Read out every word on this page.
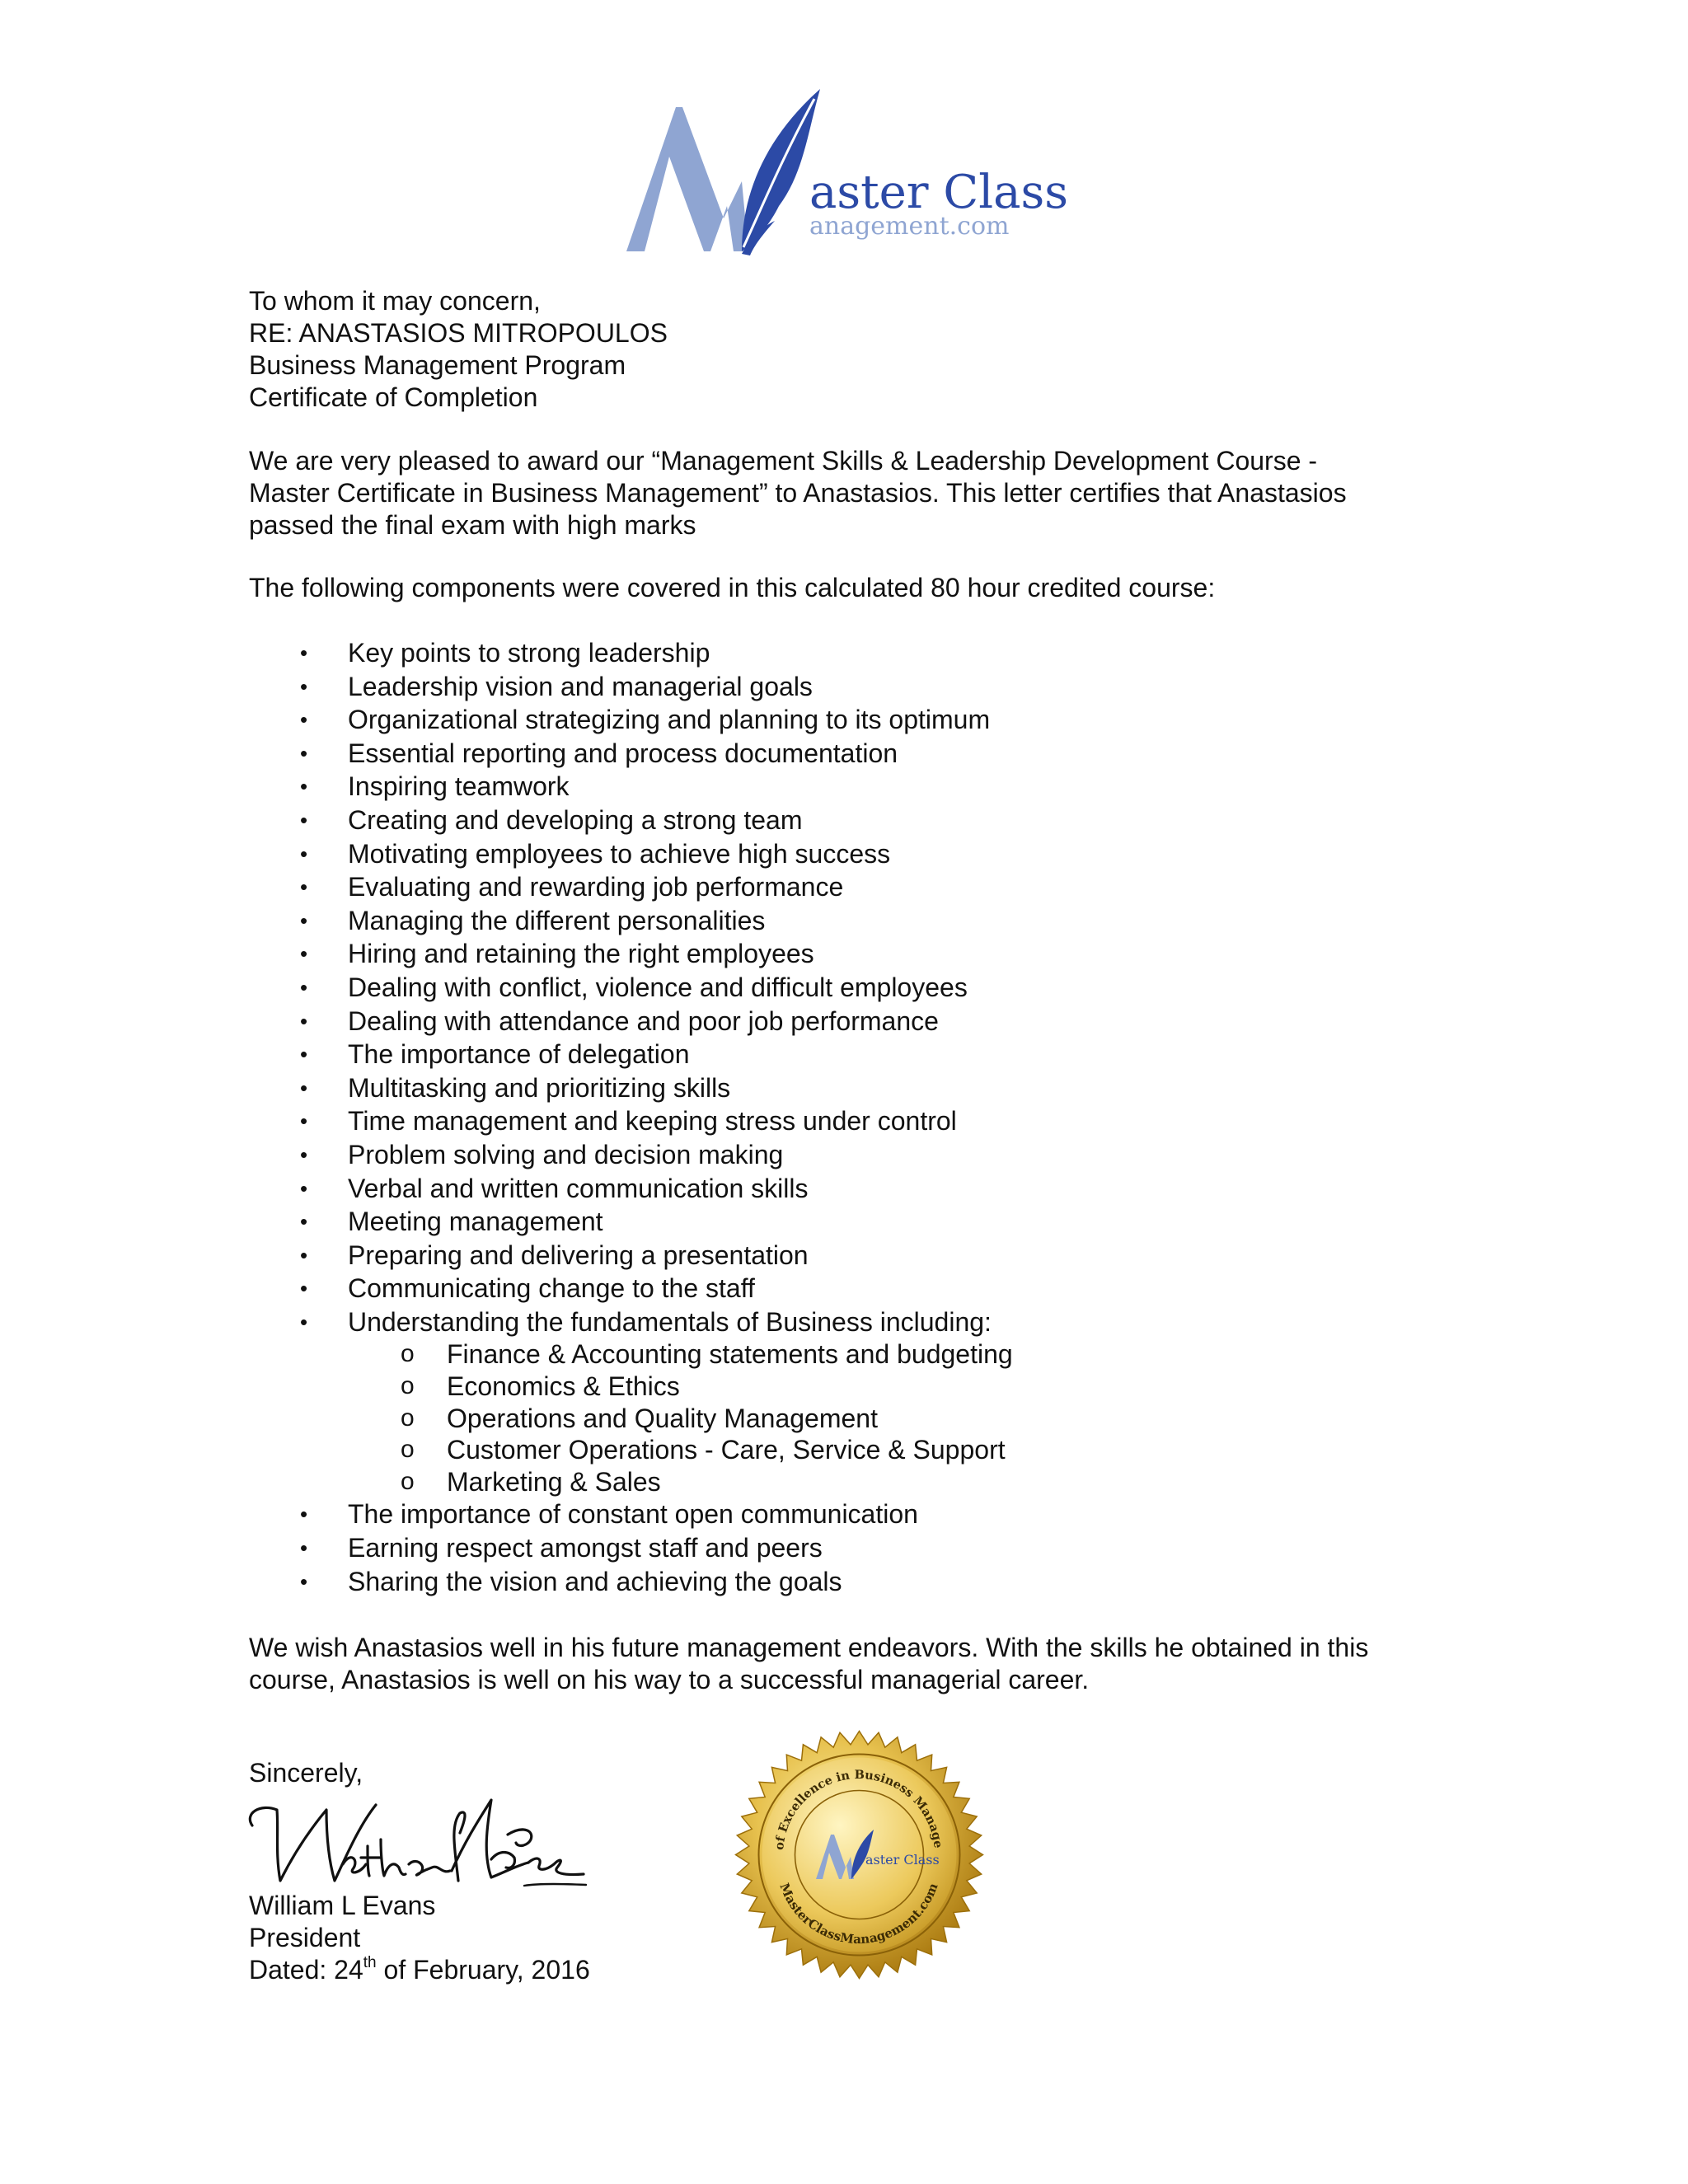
aster Class
anagement.com

To whom it may concern,

RE: ANASTASIOS MITROPOULOS

Business Management Program

Certificate of Completion

We are very pleased to award our “Management Skills & Leadership Development Course -

Master Certificate in Business Management” to Anastasios. This letter certifies that Anastasios

passed the final exam with high marks

The following components were covered in this calculated 80 hour credited course:

• Key points to strong leadership
• Leadership vision and managerial goals
• Organizational strategizing and planning to its optimum
• Essential reporting and process documentation
• Inspiring teamwork
• Creating and developing a strong team
• Motivating employees to achieve high success
• Evaluating and rewarding job performance
• Managing the different personalities
• Hiring and retaining the right employees
• Dealing with conflict, violence and difficult employees
• Dealing with attendance and poor job performance
• The importance of delegation
• Multitasking and prioritizing skills
• Time management and keeping stress under control
• Problem solving and decision making
• Verbal and written communication skills
• Meeting management
• Preparing and delivering a presentation
• Communicating change to the staff
• Understanding the fundamentals of Business including:
o Finance & Accounting statements and budgeting
o Economics & Ethics
o Operations and Quality Management
o Customer Operations - Care, Service & Support
o Marketing & Sales
• The importance of constant open communication
• Earning respect amongst staff and peers
• Sharing the vision and achieving the goals

We wish Anastasios well in his future management endeavors. With the skills he obtained in this

course, Anastasios is well on his way to a successful managerial career.

Sincerely,

William L Evans

President

Dated: 24th of February, 2016

of Excellence in Business Manage
MasterClassManagement.com
aster Class
